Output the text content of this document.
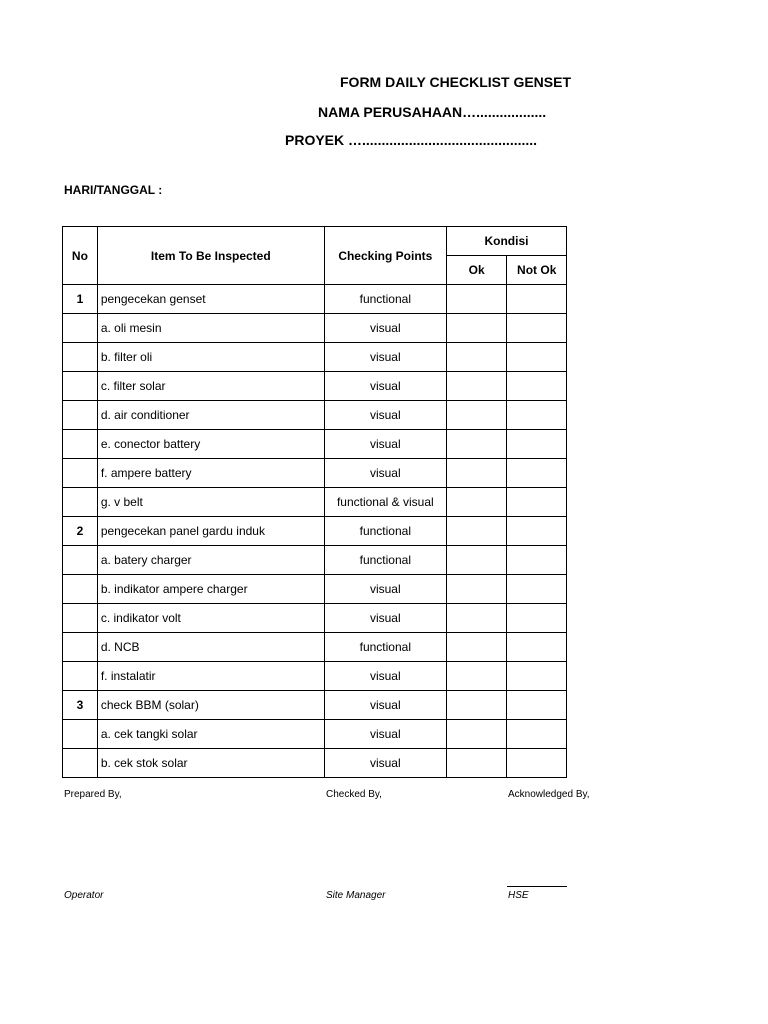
FORM DAILY CHECKLIST GENSET
NAMA PERUSAHAAN…..................
PROYEK ….............................................
HARI/TANGGAL :
No	Item To Be Inspected	Checking Points	Kondisi	
			Ok	Not Ok
1	pengecekan genset	functional		
	a. oli mesin	visual		
	b. filter oli	visual		
	c. filter solar	visual		
	d. air conditioner	visual		
	e. conector battery	visual		
	f. ampere battery	visual		
	g. v belt	functional & visual		
2	pengecekan panel gardu induk	functional		
	a. batery charger	functional		
	b. indikator ampere charger	visual		
	c. indikator volt	visual		
	d. NCB	functional		
	f. instalatir	visual		
3	check BBM (solar)	visual		
	a. cek tangki solar	visual		
	b. cek stok solar	visual		
Prepared By,	Checked By,	Acknowledged By,
Operator	Site Manager	HSE
